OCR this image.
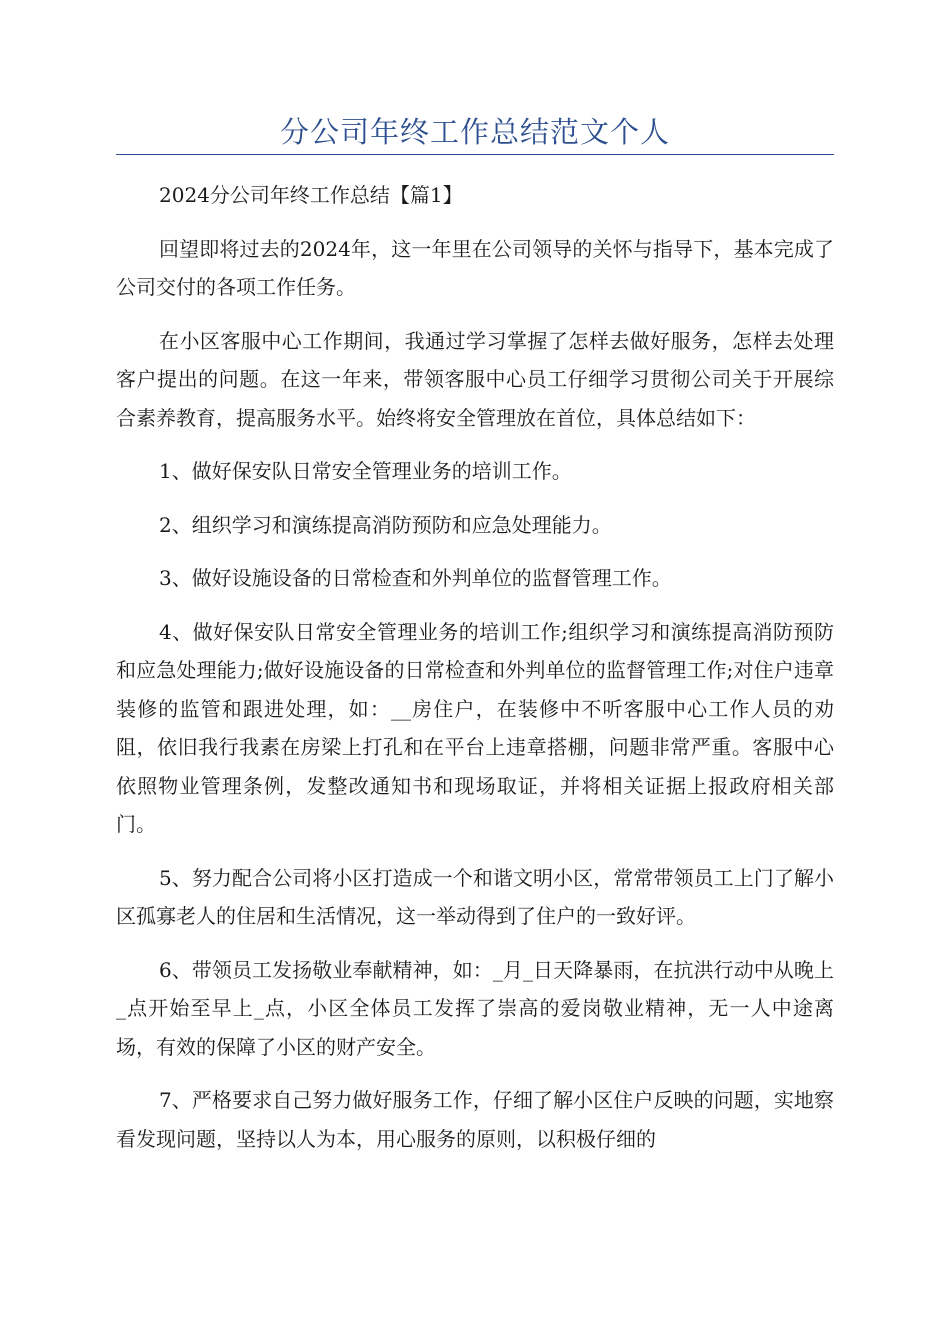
分公司年终工作总结范文个人

2024分公司年终工作总结【篇1】

回望即将过去的2024年，这一年里在公司领导的关怀与指导下，基本完成了公司交付的各项工作任务。

在小区客服中心工作期间，我通过学习掌握了怎样去做好服务，怎样去处理客户提出的问题。在这一年来，带领客服中心员工仔细学习贯彻公司关于开展综合素养教育，提高服务水平。始终将安全管理放在首位，具体总结如下：

1、做好保安队日常安全管理业务的培训工作。

2、组织学习和演练提高消防预防和应急处理能力。

3、做好设施设备的日常检查和外判单位的监督管理工作。

4、做好保安队日常安全管理业务的培训工作;组织学习和演练提高消防预防和应急处理能力;做好设施设备的日常检查和外判单位的监督管理工作;对住户违章装修的监管和跟进处理，如：__房住户，在装修中不听客服中心工作人员的劝阻，依旧我行我素在房梁上打孔和在平台上违章搭棚，问题非常严重。客服中心依照物业管理条例，发整改通知书和现场取证，并将相关证据上报政府相关部门。

5、努力配合公司将小区打造成一个和谐文明小区，常常带领员工上门了解小区孤寡老人的住居和生活情况，这一举动得到了住户的一致好评。

6、带领员工发扬敬业奉献精神，如：_月_日天降暴雨，在抗洪行动中从晚上_点开始至早上_点，小区全体员工发挥了崇高的爱岗敬业精神，无一人中途离场，有效的保障了小区的财产安全。

7、严格要求自己努力做好服务工作，仔细了解小区住户反映的问题，实地察看发现问题，坚持以人为本，用心服务的原则，以积极仔细的
